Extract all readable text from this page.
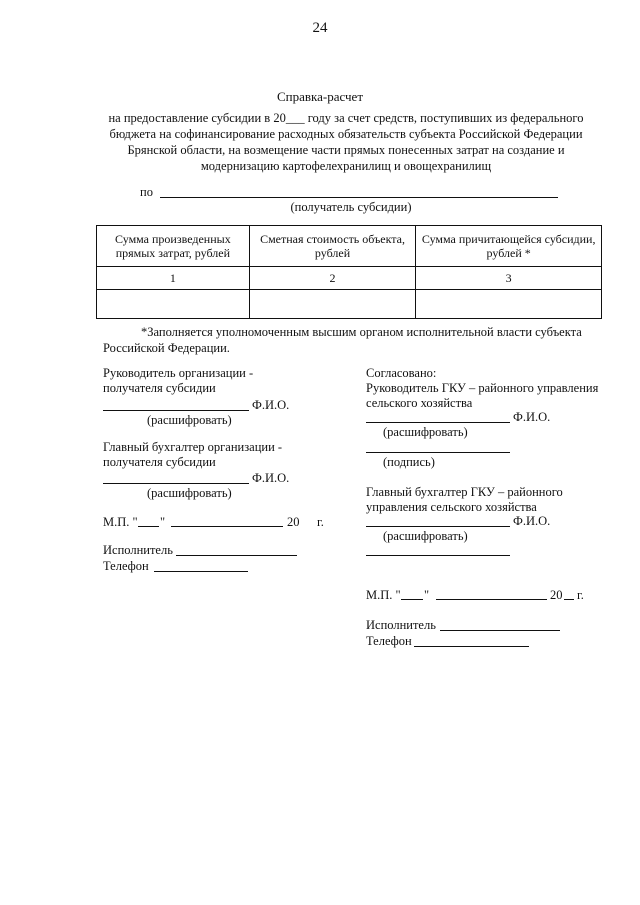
24
Справка-расчет
на предоставление субсидии в 20___ году за счет средств, поступивших из федерального
бюджета на софинансирование расходных обязательств субъекта Российской Федерации
Брянской области, на возмещение части прямых понесенных затрат на создание и
модернизацию картофелехранилищ и овощехранилищ
по
(получатель субсидии)
Сумма произведенных прямых затрат, рублей	Сметная стоимость объекта, рублей	Сумма причитающейся субсидии, рублей *
1	2	3

*Заполняется уполномоченным высшим органом исполнительной власти субъекта
Российской Федерации.
Руководитель организации -
получателя субсидии
Ф.И.О.
(расшифровать)
Главный бухгалтер организации -
получателя субсидии
Ф.И.О.
(расшифровать)
М.П. " "	20 г.
Исполнитель
Телефон
Согласовано:
Руководитель ГКУ – районного управления
сельского хозяйства
Ф.И.О.
(расшифровать)
(подпись)
Главный бухгалтер ГКУ – районного
управления сельского хозяйства
Ф.И.О.
(расшифровать)
М.П. " "	20 г.
Исполнитель
Телефон
